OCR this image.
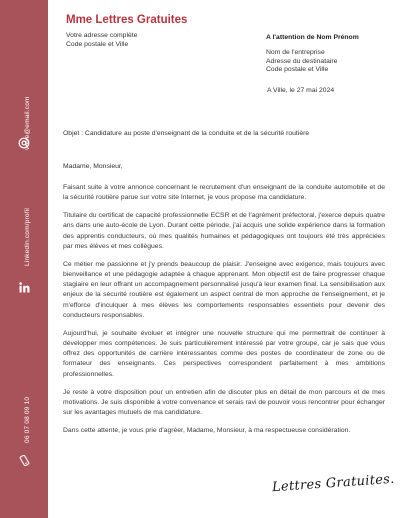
votre@email.com
Linkedin.com/profil
06 07 08 09 10
Mme Lettres Gratuites
Votre adresse complète
Code postale et Ville
A l'attention de Nom Prénom
Nom de l'entreprise
Adresse du destinataire
Code postale et Ville
A Ville, le 27 mai 2024
Objet : Candidature au poste d'enseignant de la conduite et de la sécurité routière
Madame, Monsieur,

Faisant suite à votre annonce concernant le recrutement d'un enseignant de la conduite automobile et de la sécurité routière parue sur votre site Internet, je vous propose ma candidature.

Titulaire du certificat de capacité professionnelle ECSR et de l'agrément préfectoral, j'exerce depuis quatre ans dans une auto-école de Lyon. Durant cette période, j'ai acquis une solide expérience dans la formation des apprentis conducteurs, où mes qualités humaines et pédagogiques ont toujours été très appréciées par mes élèves et mes collègues.

Ce métier me passionne et j'y prends beaucoup de plaisir. J'enseigne avec exigence, mais toujours avec bienveillance et une pédagogie adaptée à chaque apprenant. Mon objectif est de faire progresser chaque stagiaire en leur offrant un accompagnement personnalisé jusqu'à leur examen final. La sensibilisation aux enjeux de la sécurité routière est également un aspect central de mon approche de l'enseignement, et je m'efforce d'inculquer à mes élèves les comportements responsables essentiels pour devenir des conducteurs responsables.

Aujourd'hui, je souhaite évoluer et intégrer une nouvelle structure qui me permettrait de continuer à développer mes compétences. Je suis particulièrement intéressé par votre groupe, car je sais que vous offrez des opportunités de carrière intéressantes comme des postes de coordinateur de zone ou de formateur des enseignants. Ces perspectives correspondent parfaitement à mes ambitions professionnelles.

Je reste à votre disposition pour un entretien afin de discuter plus en détail de mon parcours et de mes motivations. Je suis disponible à votre convenance et serais ravi de pouvoir vous rencontrer pour échanger sur les avantages mutuels de ma candidature.

Dans cette attente, je vous prie d'agréer, Madame, Monsieur, à ma respectueuse considération.

Lettres Gratuites.
